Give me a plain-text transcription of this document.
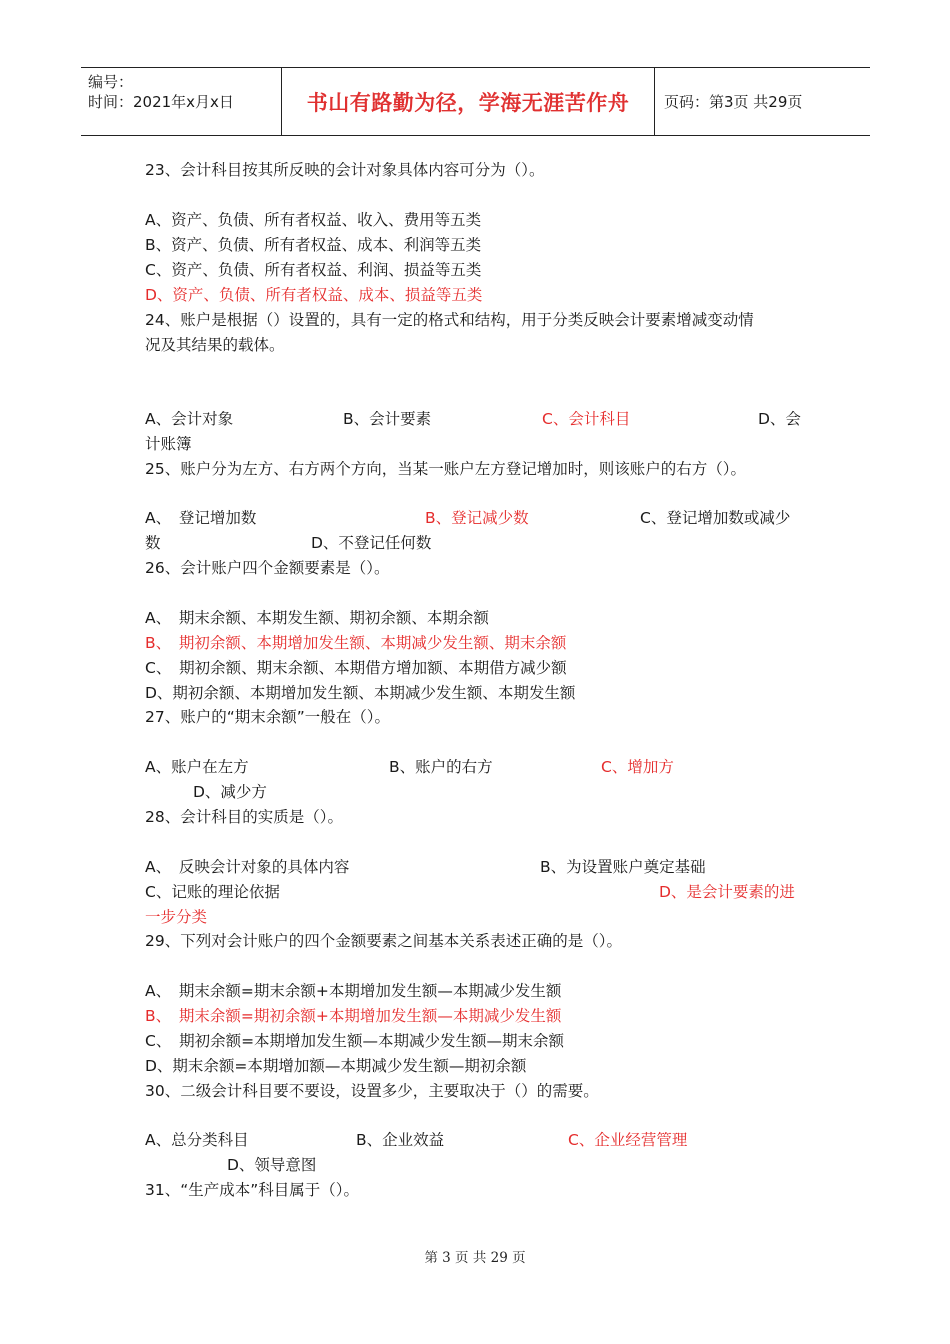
编号：
时间：2021年x月x日	书山有路勤为径，学海无涯苦作舟	页码：第3页 共29页
23、会计科目按其所反映的会计对象具体内容可分为（）。
A、资产、负债、所有者权益、收入、费用等五类
B、资产、负债、所有者权益、成本、利润等五类
C、资产、负债、所有者权益、利润、损益等五类
D、资产、负债、所有者权益、成本、损益等五类
24、账户是根据（）设置的，具有一定的格式和结构，用于分类反映会计要素增减变动情
况及其结果的载体。
A、会计对象	B、会计要素	C、会计科目	D、会
计账簿
25、账户分为左方、右方两个方向，当某一账户左方登记增加时，则该账户的右方（）。
A、　登记增加数	B、登记减少数	C、登记增加数或减少
数	D、不登记任何数
26、会计账户四个金额要素是（）。
A、　期末余额、本期发生额、期初余额、本期余额
B、　期初余额、本期增加发生额、本期减少发生额、期末余额
C、　期初余额、期末余额、本期借方增加额、本期借方减少额
D、期初余额、本期增加发生额、本期减少发生额、本期发生额
27、账户的“期末余额”一般在（）。
A、账户在左方	B、账户的右方	C、增加方
D、减少方
28、会计科目的实质是（）。
A、　反映会计对象的具体内容	B、为设置账户奠定基础
C、记账的理论依据	D、是会计要素的进
一步分类
29、下列对会计账户的四个金额要素之间基本关系表述正确的是（）。
A、　期末余额=期末余额+本期增加发生额—本期减少发生额
B、　期末余额=期初余额+本期增加发生额—本期减少发生额
C、　期初余额=本期增加发生额—本期减少发生额—期末余额
D、期末余额=本期增加额—本期减少发生额—期初余额
30、二级会计科目要不要设，设置多少，主要取决于（）的需要。
A、总分类科目	B、企业效益	C、企业经营管理
D、领导意图
31、“生产成本”科目属于（）。
第 3 页 共 29 页
